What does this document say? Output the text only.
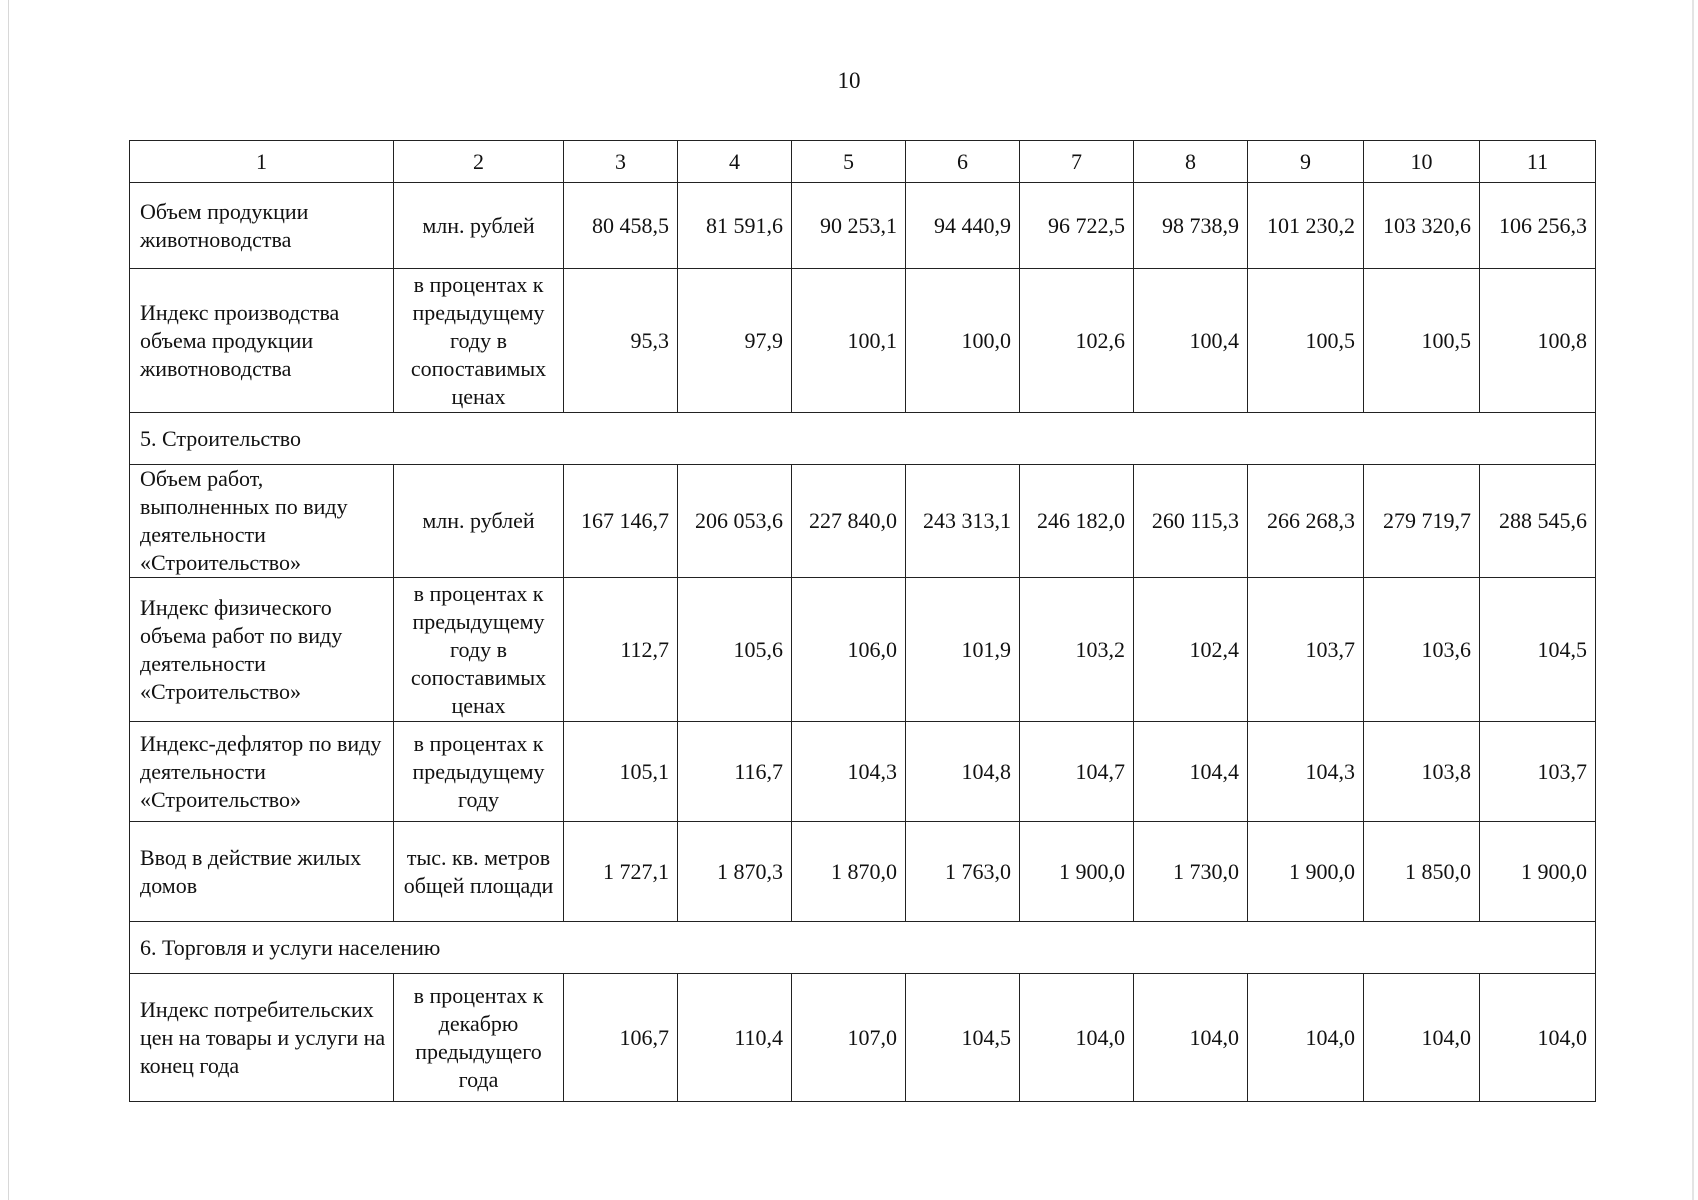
10
1	2	3	4	5	6	7	8	9	10	11
Объем продукции животноводства	млн. рублей	80 458,5	81 591,6	90 253,1	94 440,9	96 722,5	98 738,9	101 230,2	103 320,6	106 256,3
Индекс производства объема продукции животноводства	в процентах к предыдущему году в сопоставимых ценах	95,3	97,9	100,1	100,0	102,6	100,4	100,5	100,5	100,8
5. Строительство										
Объем работ, выполненных по виду деятельности «Строительство»	млн. рублей	167 146,7	206 053,6	227 840,0	243 313,1	246 182,0	260 115,3	266 268,3	279 719,7	288 545,6
Индекс физического объема работ по виду деятельности «Строительство»	в процентах к предыдущему году в сопоставимых ценах	112,7	105,6	106,0	101,9	103,2	102,4	103,7	103,6	104,5
Индекс-дефлятор по виду деятельности «Строительство»	в процентах к предыдущему году	105,1	116,7	104,3	104,8	104,7	104,4	104,3	103,8	103,7
Ввод в действие жилых домов	тыс. кв. метров общей площади	1 727,1	1 870,3	1 870,0	1 763,0	1 900,0	1 730,0	1 900,0	1 850,0	1 900,0
6. Торговля и услуги населению										
Индекс потребительских цен на товары и услуги на конец года	в процентах к декабрю предыдущего года	106,7	110,4	107,0	104,5	104,0	104,0	104,0	104,0	104,0
